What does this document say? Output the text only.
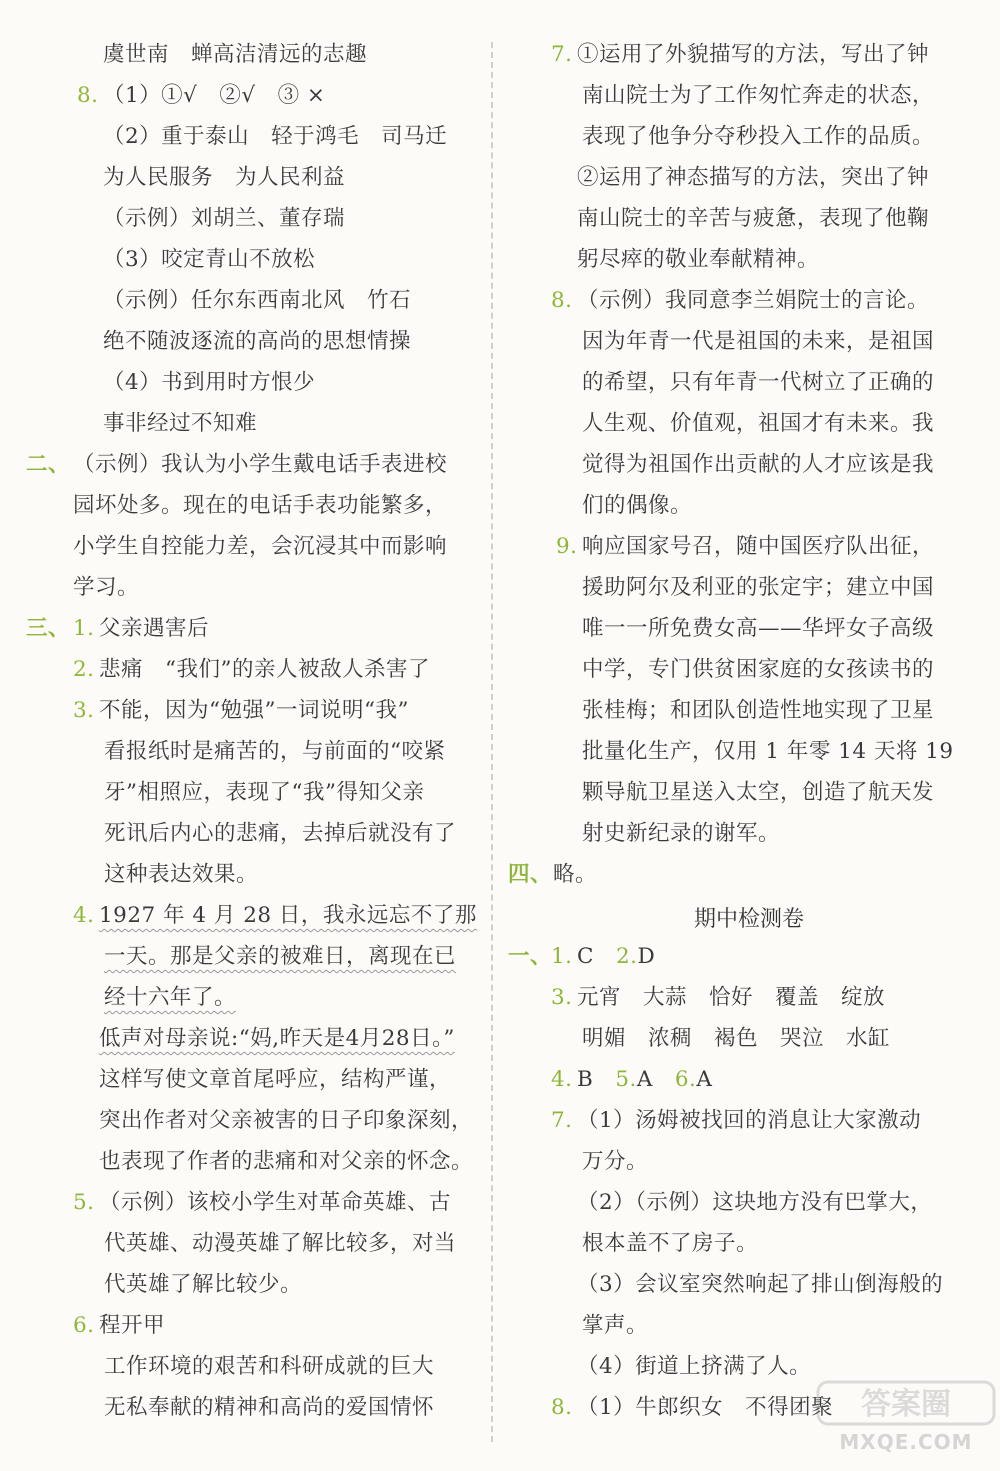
虞世南　蝉高洁清远的志趣
8. （1）①√　②√　③ ×
（2）重于泰山　轻于鸿毛　司马迁
为人民服务　为人民利益
（示例）刘胡兰、董存瑞
（3）咬定青山不放松
（示例）任尔东西南北风　竹石
绝不随波逐流的高尚的思想情操
（4）书到用时方恨少
事非经过不知难
二、 （示例）我认为小学生戴电话手表进校
园坏处多。现在的电话手表功能繁多，
小学生自控能力差，会沉浸其中而影响
学习。
三、 1. 父亲遇害后
2. 悲痛　“我们”的亲人被敌人杀害了
3. 不能，因为“勉强”一词说明“我”
看报纸时是痛苦的，与前面的“咬紧
牙”相照应，表现了“我”得知父亲
死讯后内心的悲痛，去掉后就没有了
这种表达效果。
4. 1927 年 4 月 28 日，我永远忘不了那
一天。那是父亲的被难日，离现在已
经十六年了。
低声对母亲说:“妈,昨天是4月28日。”
这样写使文章首尾呼应，结构严谨，
突出作者对父亲被害的日子印象深刻，
也表现了作者的悲痛和对父亲的怀念。
5. （示例）该校小学生对革命英雄、古
代英雄、动漫英雄了解比较多，对当
代英雄了解比较少。
6. 程开甲
工作环境的艰苦和科研成就的巨大
无私奉献的精神和高尚的爱国情怀
7. ①运用了外貌描写的方法，写出了钟
南山院士为了工作匆忙奔走的状态，
表现了他争分夺秒投入工作的品质。
②运用了神态描写的方法，突出了钟
南山院士的辛苦与疲惫，表现了他鞠
躬尽瘁的敬业奉献精神。
8. （示例）我同意李兰娟院士的言论。
因为年青一代是祖国的未来，是祖国
的希望，只有年青一代树立了正确的
人生观、价值观，祖国才有未来。我
觉得为祖国作出贡献的人才应该是我
们的偶像。
9. 响应国家号召，随中国医疗队出征，
援助阿尔及利亚的张定宇；建立中国
唯一一所免费女高——华坪女子高级
中学，专门供贫困家庭的女孩读书的
张桂梅；和团队创造性地实现了卫星
批量化生产，仅用 1 年零 14 天将 19
颗导航卫星送入太空，创造了航天发
射史新纪录的谢军。
四、 略。
期中检测卷
一、
1. C　2.D
3. 元宵　大蒜　恰好　覆盖　绽放
明媚　浓稠　褐色　哭泣　水缸
4. B　5.A　6.A
7. （1）汤姆被找回的消息让大家激动
万分。
（2）（示例）这块地方没有巴掌大，
根本盖不了房子。
（3）会议室突然响起了排山倒海般的
掌声。
（4）街道上挤满了人。
8. （1）牛郎织女　不得团聚 答案圈
MXQE.COM
